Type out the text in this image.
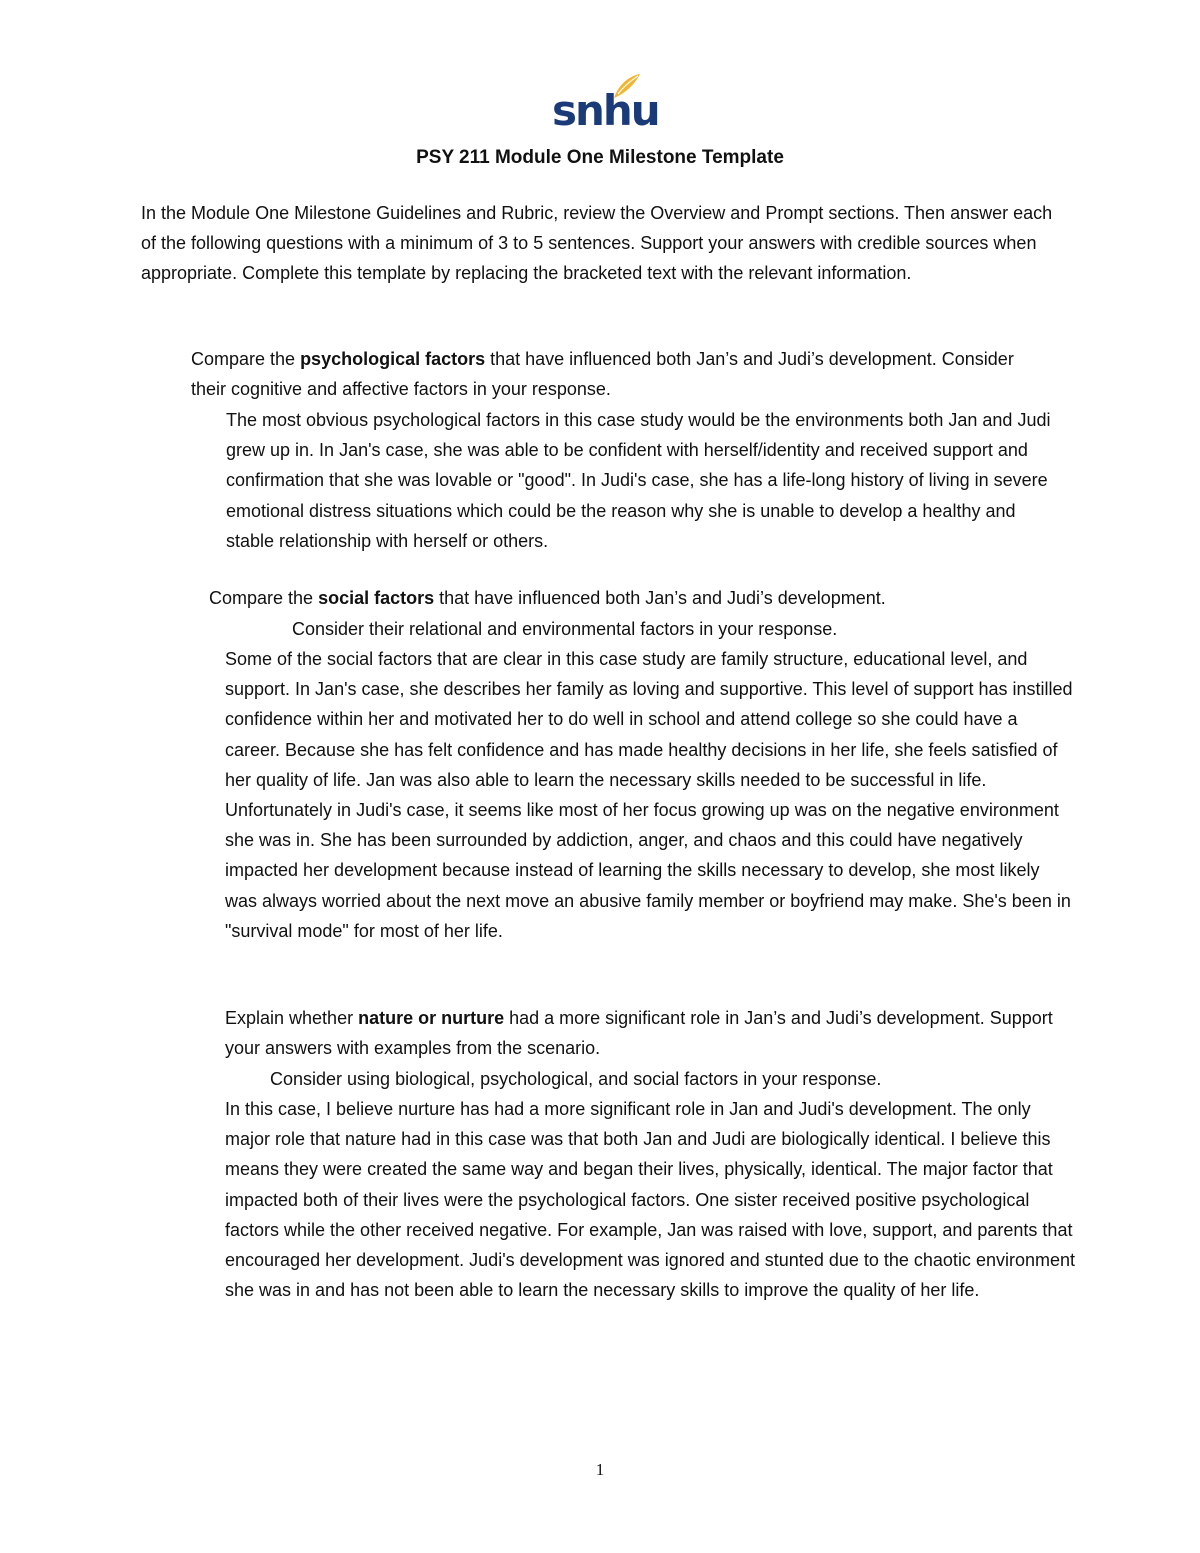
snhu
PSY 211 Module One Milestone Template

In the Module One Milestone Guidelines and Rubric, review the Overview and Prompt sections. Then answer each of the following questions with a minimum of 3 to 5 sentences. Support your answers with credible sources when appropriate. Complete this template by replacing the bracketed text with the relevant information.

Compare the psychological factors that have influenced both Jan’s and Judi’s development. Consider their cognitive and affective factors in your response.

The most obvious psychological factors in this case study would be the environments both Jan and Judi grew up in. In Jan's case, she was able to be confident with herself/identity and received support and confirmation that she was lovable or "good". In Judi's case, she has a life-long history of living in severe emotional distress situations which could be the reason why she is unable to develop a healthy and stable relationship with herself or others.

Compare the social factors that have influenced both Jan’s and Judi’s development.

Consider their relational and environmental factors in your response.

Some of the social factors that are clear in this case study are family structure, educational level, and support. In Jan's case, she describes her family as loving and supportive. This level of support has instilled confidence within her and motivated her to do well in school and attend college so she could have a career. Because she has felt confidence and has made healthy decisions in her life, she feels satisfied of her quality of life. Jan was also able to learn the necessary skills needed to be successful in life. Unfortunately in Judi's case, it seems like most of her focus growing up was on the negative environment she was in. She has been surrounded by addiction, anger, and chaos and this could have negatively impacted her development because instead of learning the skills necessary to develop, she most likely was always worried about the next move an abusive family member or boyfriend may make. She's been in "survival mode" for most of her life.

Explain whether nature or nurture had a more significant role in Jan’s and Judi’s development. Support your answers with examples from the scenario.

Consider using biological, psychological, and social factors in your response.

In this case, I believe nurture has had a more significant role in Jan and Judi's development. The only major role that nature had in this case was that both Jan and Judi are biologically identical. I believe this means they were created the same way and began their lives, physically, identical. The major factor that impacted both of their lives were the psychological factors. One sister received positive psychological factors while the other received negative. For example, Jan was raised with love, support, and parents that encouraged her development. Judi's development was ignored and stunted due to the chaotic environment she was in and has not been able to learn the necessary skills to improve the quality of her life.

1
